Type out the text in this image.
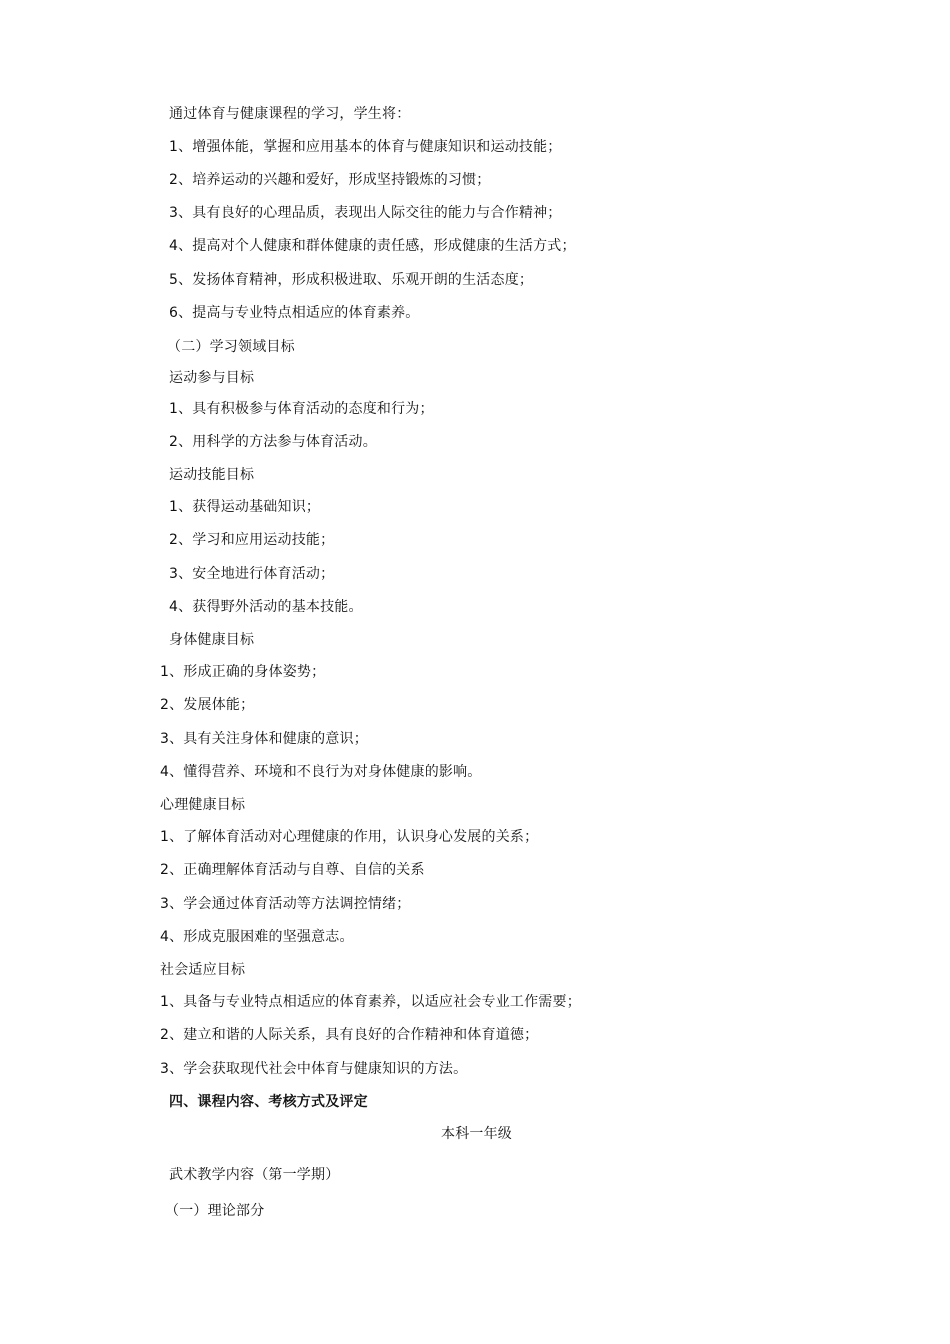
通过体育与健康课程的学习，学生将：
1、增强体能，掌握和应用基本的体育与健康知识和运动技能；
2、培养运动的兴趣和爱好，形成坚持锻炼的习惯；
3、具有良好的心理品质，表现出人际交往的能力与合作精神；
4、提高对个人健康和群体健康的责任感，形成健康的生活方式；
5、发扬体育精神，形成积极进取、乐观开朗的生活态度；
6、提高与专业特点相适应的体育素养。
（二）学习领域目标
运动参与目标
1、具有积极参与体育活动的态度和行为；
2、用科学的方法参与体育活动。
运动技能目标
1、获得运动基础知识；
2、学习和应用运动技能；
3、安全地进行体育活动；
4、获得野外活动的基本技能。
身体健康目标
1、形成正确的身体姿势；
2、发展体能；
3、具有关注身体和健康的意识；
4、懂得营养、环境和不良行为对身体健康的影响。
心理健康目标
1、了解体育活动对心理健康的作用，认识身心发展的关系；
2、正确理解体育活动与自尊、自信的关系
3、学会通过体育活动等方法调控情绪；
4、形成克服困难的坚强意志。
社会适应目标
1、具备与专业特点相适应的体育素养，以适应社会专业工作需要；
2、建立和谐的人际关系，具有良好的合作精神和体育道德；
3、学会获取现代社会中体育与健康知识的方法。
四、课程内容、考核方式及评定
本科一年级
武术教学内容（第一学期）
（一）理论部分
